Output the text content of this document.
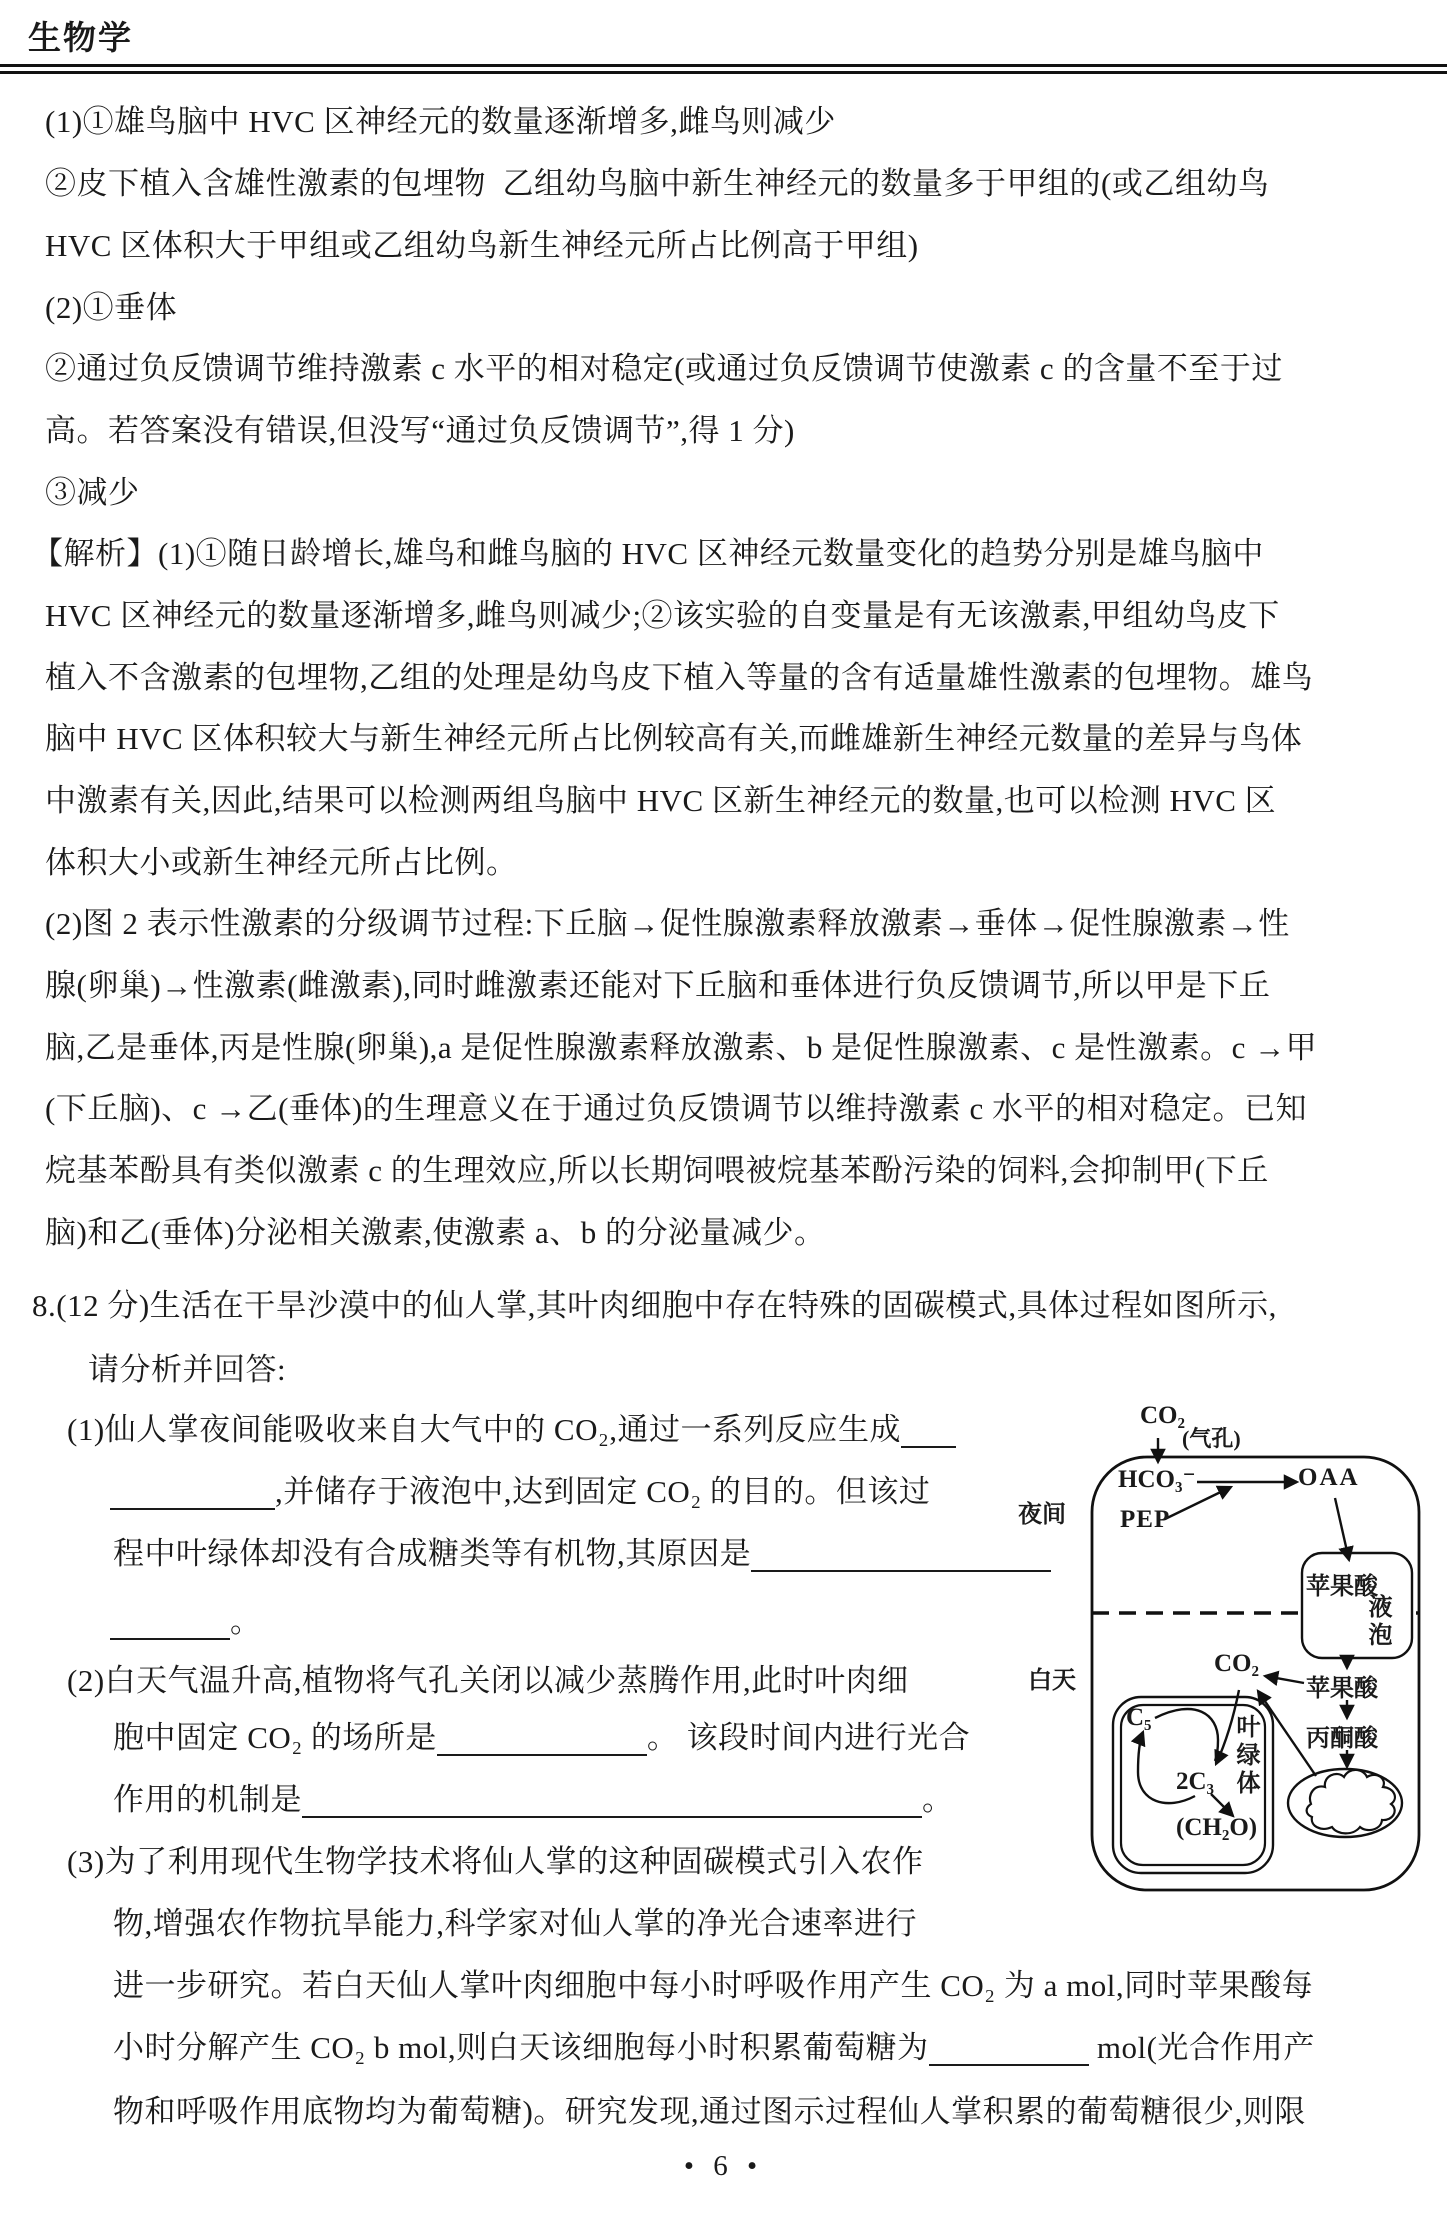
生物学
(1)①雄鸟脑中 HVC 区神经元的数量逐渐增多,雌鸟则减少
②皮下植入含雄性激素的包埋物  乙组幼鸟脑中新生神经元的数量多于甲组的(或乙组幼鸟
HVC 区体积大于甲组或乙组幼鸟新生神经元所占比例高于甲组)
(2)①垂体
②通过负反馈调节维持激素 c 水平的相对稳定(或通过负反馈调节使激素 c 的含量不至于过
高。若答案没有错误,但没写“通过负反馈调节”,得 1 分)
③减少
【解析】(1)①随日龄增长,雄鸟和雌鸟脑的 HVC 区神经元数量变化的趋势分别是雄鸟脑中
HVC 区神经元的数量逐渐增多,雌鸟则减少;②该实验的自变量是有无该激素,甲组幼鸟皮下
植入不含激素的包埋物,乙组的处理是幼鸟皮下植入等量的含有适量雄性激素的包埋物。雄鸟
脑中 HVC 区体积较大与新生神经元所占比例较高有关,而雌雄新生神经元数量的差异与鸟体
中激素有关,因此,结果可以检测两组鸟脑中 HVC 区新生神经元的数量,也可以检测 HVC 区
体积大小或新生神经元所占比例。
(2)图 2 表示性激素的分级调节过程:下丘脑→促性腺激素释放激素→垂体→促性腺激素→性
腺(卵巢)→性激素(雌激素),同时雌激素还能对下丘脑和垂体进行负反馈调节,所以甲是下丘
脑,乙是垂体,丙是性腺(卵巢),a 是促性腺激素释放激素、b 是促性腺激素、c 是性激素。c →甲
(下丘脑)、c →乙(垂体)的生理意义在于通过负反馈调节以维持激素 c 水平的相对稳定。已知
烷基苯酚具有类似激素 c 的生理效应,所以长期饲喂被烷基苯酚污染的饲料,会抑制甲(下丘
脑)和乙(垂体)分泌相关激素,使激素 a、b 的分泌量减少。
8.(12 分)生活在干旱沙漠中的仙人掌,其叶肉细胞中存在特殊的固碳模式,具体过程如图所示,
请分析并回答:
(1)仙人掌夜间能吸收来自大气中的 CO₂,通过一系列反应生成
,并储存于液泡中,达到固定 CO₂ 的目的。但该过
程中叶绿体却没有合成糖类等有机物,其原因是
。
(2)白天气温升高,植物将气孔关闭以减少蒸腾作用,此时叶肉细
胞中固定 CO₂ 的场所是	。 该段时间内进行光合
作用的机制是	。
(3)为了利用现代生物学技术将仙人掌的这种固碳模式引入农作
物,增强农作物抗旱能力,科学家对仙人掌的净光合速率进行
进一步研究。若白天仙人掌叶肉细胞中每小时呼吸作用产生 CO₂ 为 a mol,同时苹果酸每
小时分解产生 CO₂ b mol,则白天该细胞每小时积累葡萄糖为	mol(光合作用产
物和呼吸作用底物均为葡萄糖)。研究发现,通过图示过程仙人掌积累的葡萄糖很少,则限
CO₂
(气孔)
HCO₃⁻	OAA
PEP
夜间
白天
苹果酸
液泡
CO₂
苹果酸
丙酮酸
C₅
2C₃
(CH₂O)
叶绿体
• 6 •
